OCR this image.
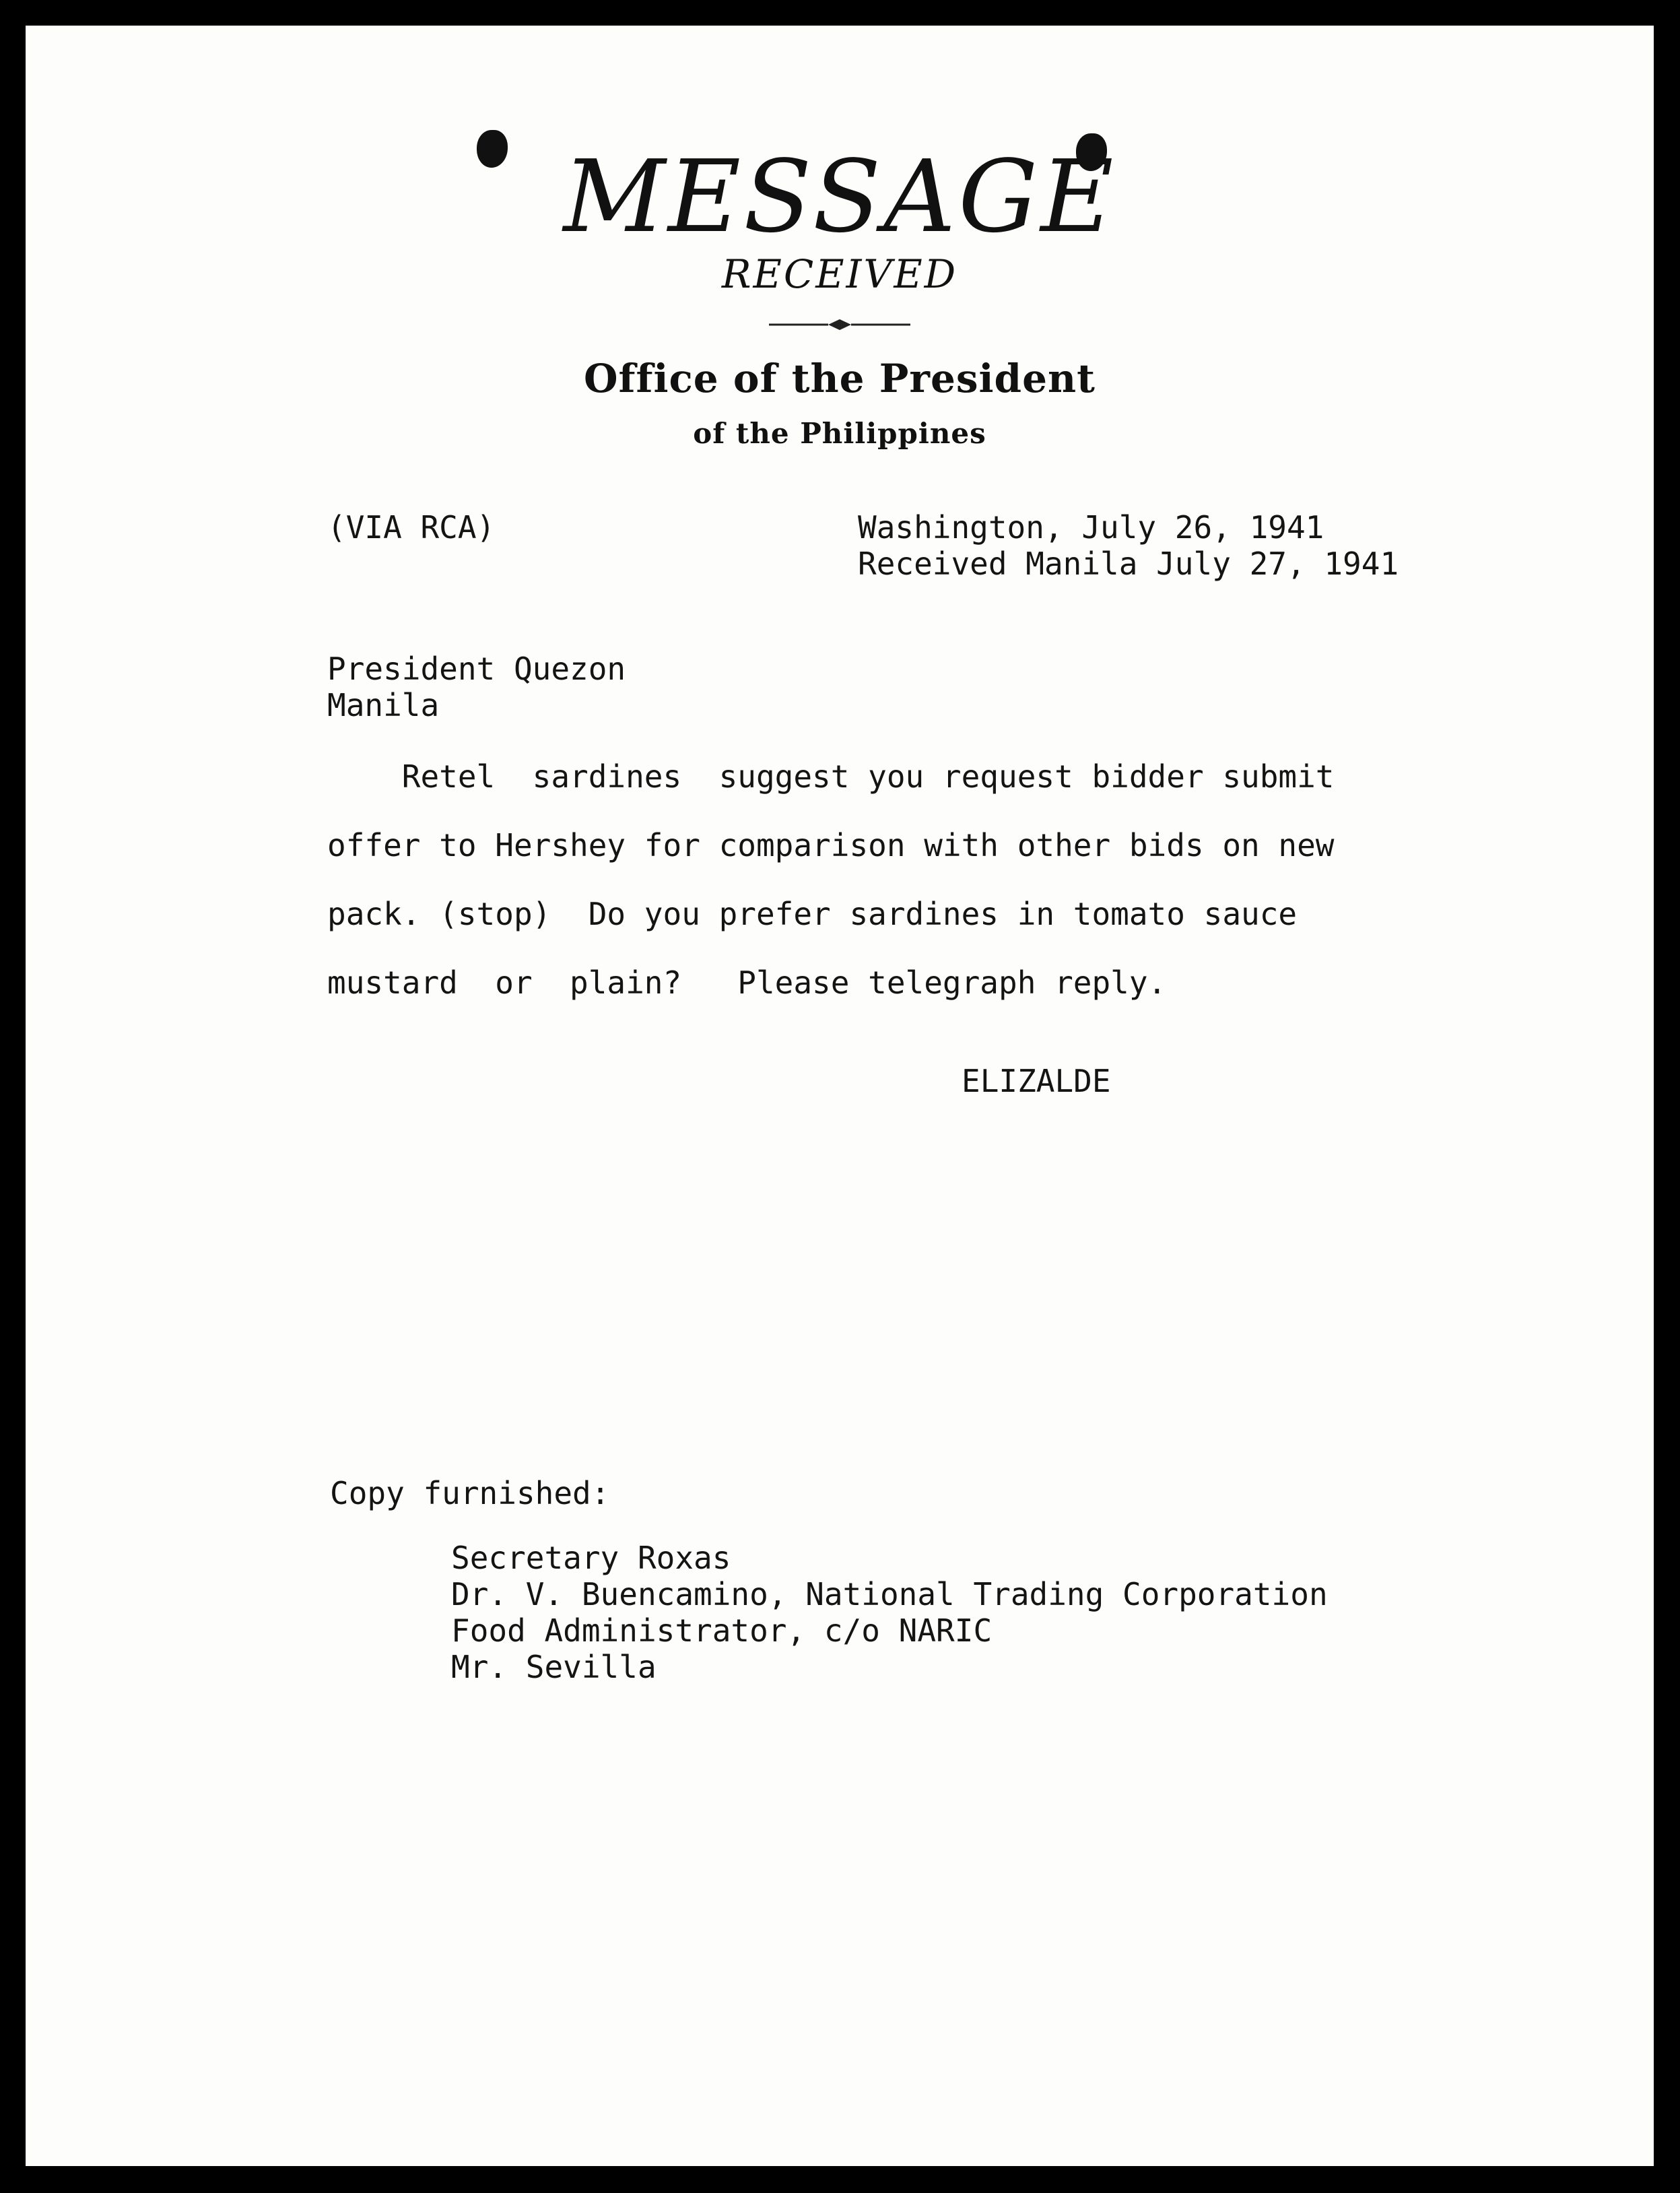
MESSAGE
RECEIVED
Office of the President
of the Philippines
(VIA RCA)	Washington, July 26, 1941
Received Manila July 27, 1941
President Quezon
Manila
Retel  sardines  suggest you request bidder submit
offer to Hershey for comparison with other bids on new
pack. (stop)  Do you prefer sardines in tomato sauce
mustard  or  plain?   Please telegraph reply.
ELIZALDE
Copy furnished:
Secretary Roxas
Dr. V. Buencamino, National Trading Corporation
Food Administrator, c/o NARIC
Mr. Sevilla
